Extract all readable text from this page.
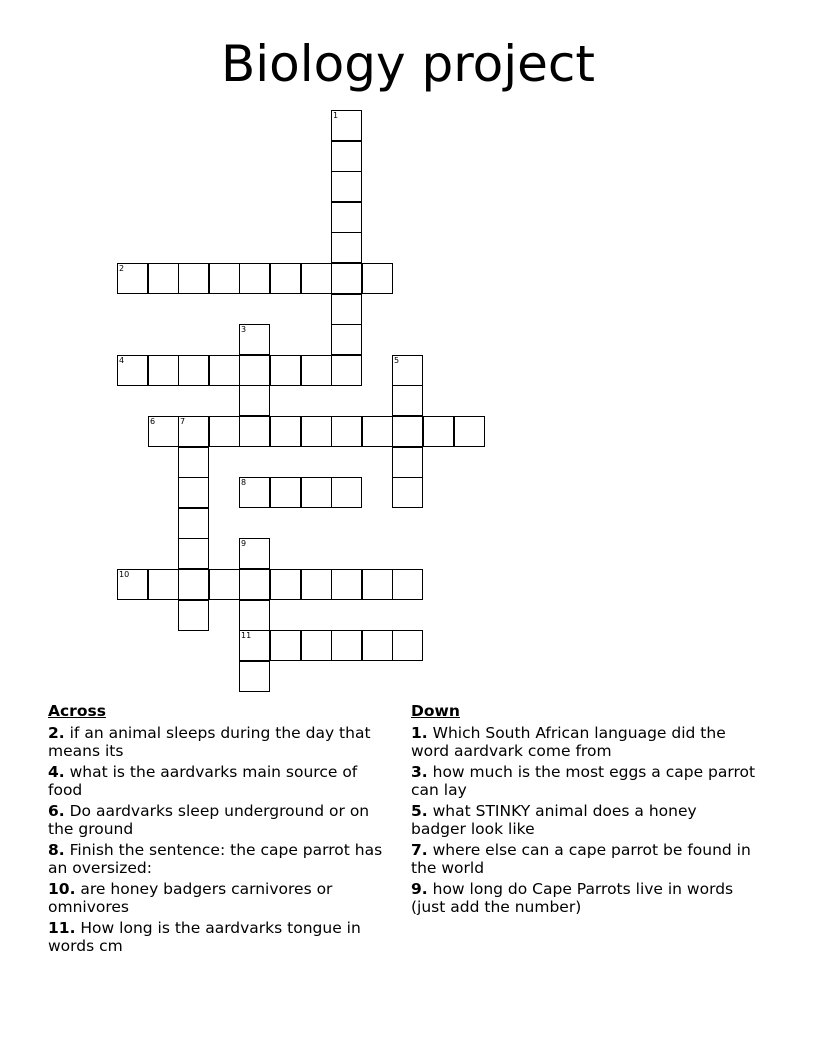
Biology project
1
2
3
4	5
6	7
8
9
11
10
Across
2. if an animal sleeps during the day that means its
4. what is the aardvarks main source of food
6. Do aardvarks sleep underground or on the ground
8. Finish the sentence: the cape parrot has an oversized:
10. are honey badgers carnivores or omnivores
11. How long is the aardvarks tongue in words cm
Down
1. Which South African language did the word aardvark come from
3. how much is the most eggs a cape parrot can lay
5. what STINKY animal does a honey badger look like
7. where else can a cape parrot be found in the world
9. how long do Cape Parrots live in words (just add the number)
